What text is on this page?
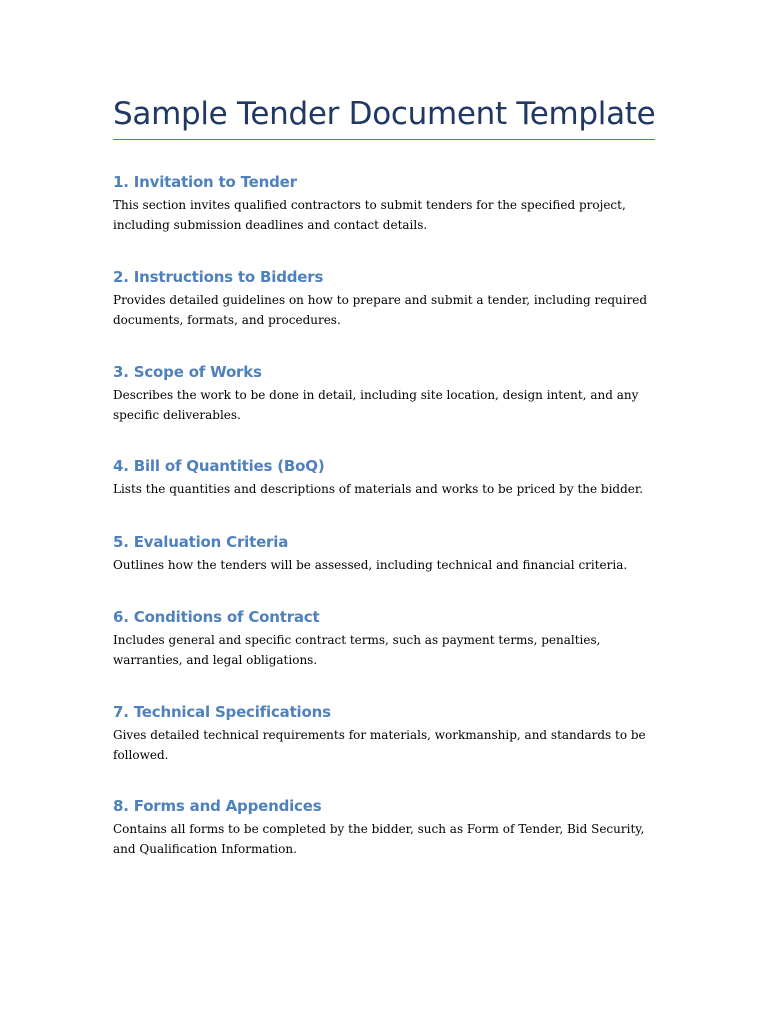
Sample Tender Document Template
1. Invitation to Tender

This section invites qualified contractors to submit tenders for the specified project, including submission deadlines and contact details.

2. Instructions to Bidders

Provides detailed guidelines on how to prepare and submit a tender, including required documents, formats, and procedures.

3. Scope of Works

Describes the work to be done in detail, including site location, design intent, and any specific deliverables.

4. Bill of Quantities (BoQ)

Lists the quantities and descriptions of materials and works to be priced by the bidder.

5. Evaluation Criteria

Outlines how the tenders will be assessed, including technical and financial criteria.

6. Conditions of Contract

Includes general and specific contract terms, such as payment terms, penalties, warranties, and legal obligations.

7. Technical Specifications

Gives detailed technical requirements for materials, workmanship, and standards to be followed.

8. Forms and Appendices

Contains all forms to be completed by the bidder, such as Form of Tender, Bid Security, and Qualification Information.
